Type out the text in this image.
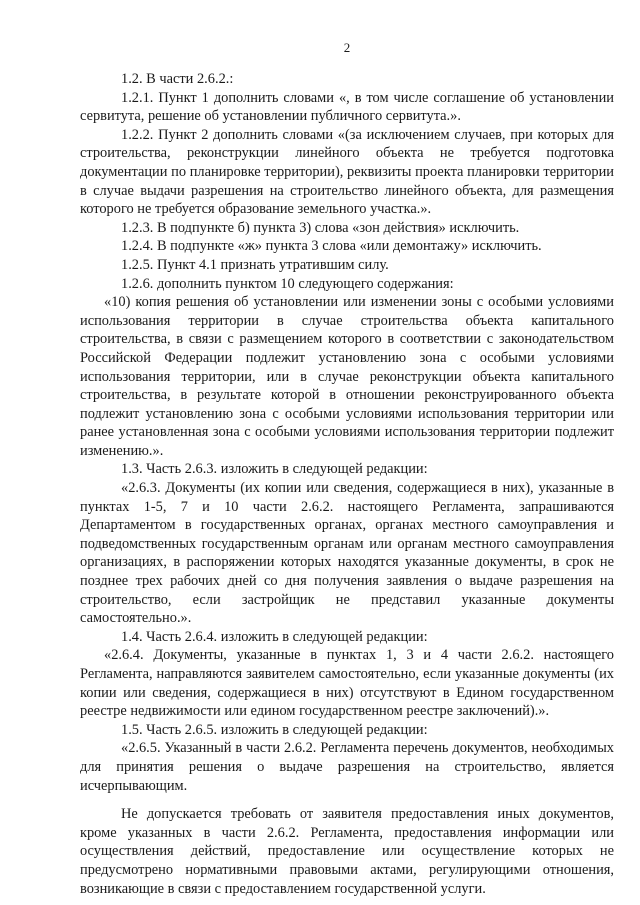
2

1.2. В части 2.6.2.:

1.2.1. Пункт 1 дополнить словами «, в том числе соглашение об установлении сервитута, решение об установлении публичного сервитута.».

1.2.2. Пункт 2 дополнить словами «(за исключением случаев, при которых для строительства, реконструкции линейного объекта не требуется подготовка документации по планировке территории), реквизиты проекта планировки территории в случае выдачи разрешения на строительство линейного объекта, для размещения которого не требуется образование земельного участка.».

1.2.3. В подпункте б) пункта 3) слова «зон действия» исключить.

1.2.4. В подпункте «ж» пункта 3 слова «или демонтажу» исключить.

1.2.5. Пункт 4.1 признать утратившим силу.

1.2.6. дополнить пунктом 10 следующего содержания:

«10) копия решения об установлении или изменении зоны с особыми условиями использования территории в случае строительства объекта капитального строительства, в связи с размещением которого в соответствии с законодательством Российской Федерации подлежит установлению зона с особыми условиями использования территории, или в случае реконструкции объекта капитального строительства, в результате которой в отношении реконструированного объекта подлежит установлению зона с особыми условиями использования территории или ранее установленная зона с особыми условиями использования территории подлежит изменению.».

1.3. Часть 2.6.3. изложить в следующей редакции:

«2.6.3. Документы (их копии или сведения, содержащиеся в них), указанные в пунктах 1-5, 7 и 10 части 2.6.2. настоящего Регламента, запрашиваются Департаментом в государственных органах, органах местного самоуправления и подведомственных государственным органам или органам местного самоуправления организациях, в распоряжении которых находятся указанные документы, в срок не позднее трех рабочих дней со дня получения заявления о выдаче разрешения на строительство, если застройщик не представил указанные документы самостоятельно.».

1.4. Часть 2.6.4. изложить в следующей редакции:

«2.6.4. Документы, указанные в пунктах 1, 3 и 4 части 2.6.2. настоящего Регламента, направляются заявителем самостоятельно, если указанные документы (их копии или сведения, содержащиеся в них) отсутствуют в Едином государственном реестре недвижимости или едином государственном реестре заключений).».

1.5. Часть 2.6.5. изложить в следующей редакции:

«2.6.5. Указанный в части 2.6.2. Регламента перечень документов, необходимых для принятия решения о выдаче разрешения на строительство, является исчерпывающим.

Не допускается требовать от заявителя предоставления иных документов, кроме указанных в части 2.6.2. Регламента, предоставления информации или осуществления действий, предоставление или осуществление которых не предусмотрено нормативными правовыми актами, регулирующими отношения, возникающие в связи с предоставлением государственной услуги.
